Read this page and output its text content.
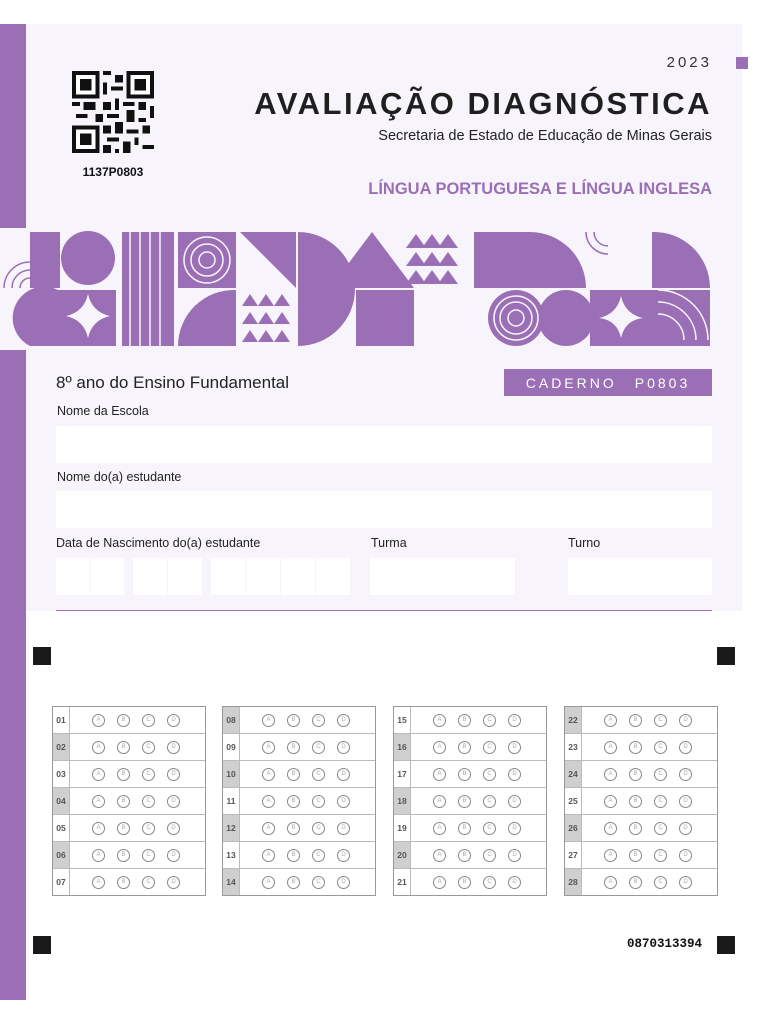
1137P0803
2023
AVALIAÇÃO DIAGNÓSTICA
Secretaria de Estado de Educação de Minas Gerais
LÍNGUA PORTUGUESA E LÍNGUA INGLESA
8º ano do Ensino Fundamental	CADERNO P0803
Nome da Escola
Nome do(a) estudante
Data de Nascimento do(a) estudante	Turma	Turno
01	A	B	C	D
02	A	B	C	D
03	A	B	C	D
04	A	B	C	D
05	A	B	C	D
06	A	B	C	D
07	A	B	C	D
08	A	B	C	D
09	A	B	C	D
10	A	B	C	D
11	A	B	C	D
12	A	B	C	D
13	A	B	C	D
14	A	B	C	D
15	A	B	C	D
16	A	B	C	D
17	A	B	C	D
18	A	B	C	D
19	A	B	C	D
20	A	B	C	D
21	A	B	C	D
22	A	B	C	D
23	A	B	C	D
24	A	B	C	D
25	A	B	C	D
26	A	B	C	D
27	A	B	C	D
28	A	B	C	D
0870313394
